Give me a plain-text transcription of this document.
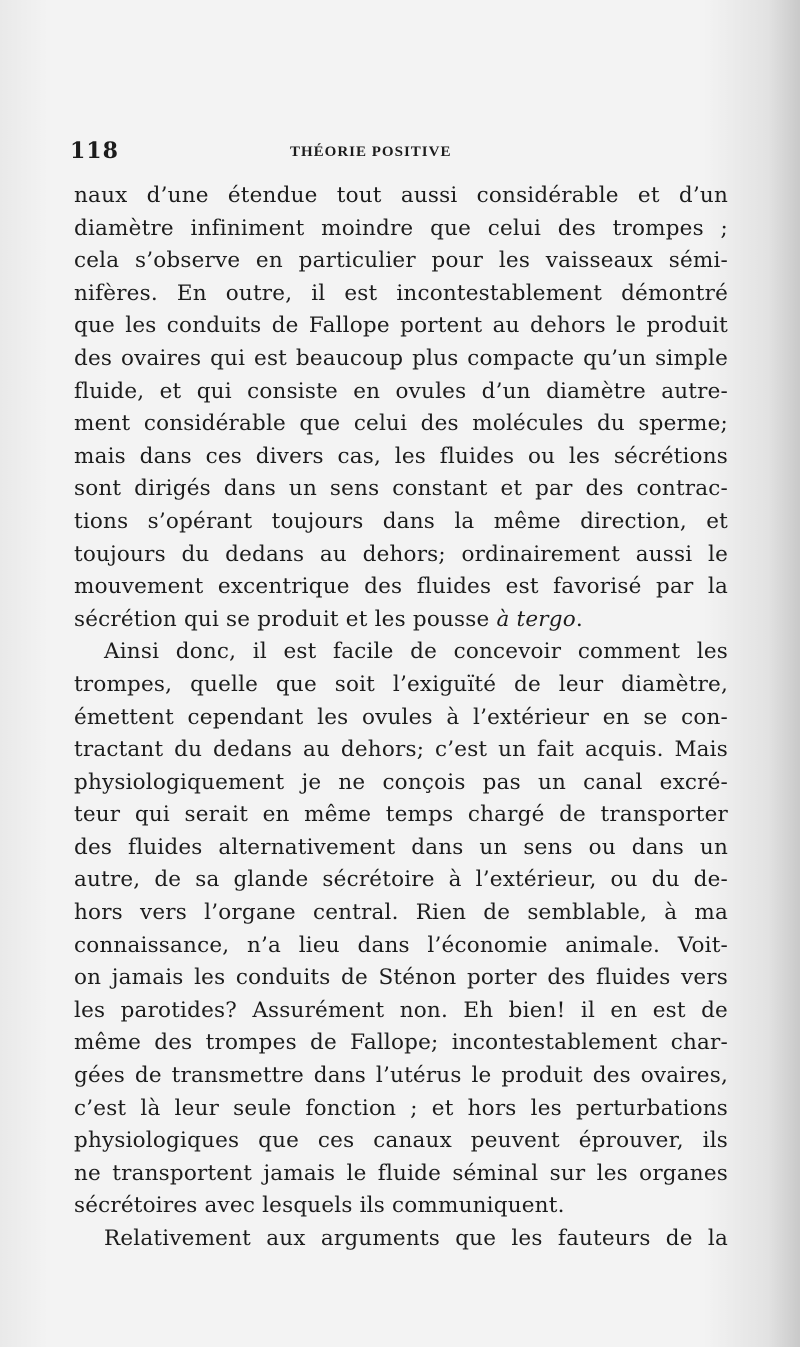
118	THÉORIE POSITIVE
naux d’une étendue tout aussi considérable et d’un
diamètre infiniment moindre que celui des trompes ;
cela s’observe en particulier pour les vaisseaux sémi-
nifères. En outre, il est incontestablement démontré
que les conduits de Fallope portent au dehors le produit
des ovaires qui est beaucoup plus compacte qu’un simple
fluide, et qui consiste en ovules d’un diamètre autre-
ment considérable que celui des molécules du sperme;
mais dans ces divers cas, les fluides ou les sécrétions
sont dirigés dans un sens constant et par des contrac-
tions s’opérant toujours dans la même direction, et
toujours du dedans au dehors; ordinairement aussi le
mouvement excentrique des fluides est favorisé par la
sécrétion qui se produit et les pousse à tergo.
Ainsi donc, il est facile de concevoir comment les
trompes, quelle que soit l’exiguïté de leur diamètre,
émettent cependant les ovules à l’extérieur en se con-
tractant du dedans au dehors; c’est un fait acquis. Mais
physiologiquement je ne conçois pas un canal excré-
teur qui serait en même temps chargé de transporter
des fluides alternativement dans un sens ou dans un
autre, de sa glande sécrétoire à l’extérieur, ou du de-
hors vers l’organe central. Rien de semblable, à ma
connaissance, n’a lieu dans l’économie animale. Voit-
on jamais les conduits de Sténon porter des fluides vers
les parotides? Assurément non. Eh bien! il en est de
même des trompes de Fallope; incontestablement char-
gées de transmettre dans l’utérus le produit des ovaires,
c’est là leur seule fonction ; et hors les perturbations
physiologiques que ces canaux peuvent éprouver, ils
ne transportent jamais le fluide séminal sur les organes
sécrétoires avec lesquels ils communiquent.
Relativement aux arguments que les fauteurs de la
